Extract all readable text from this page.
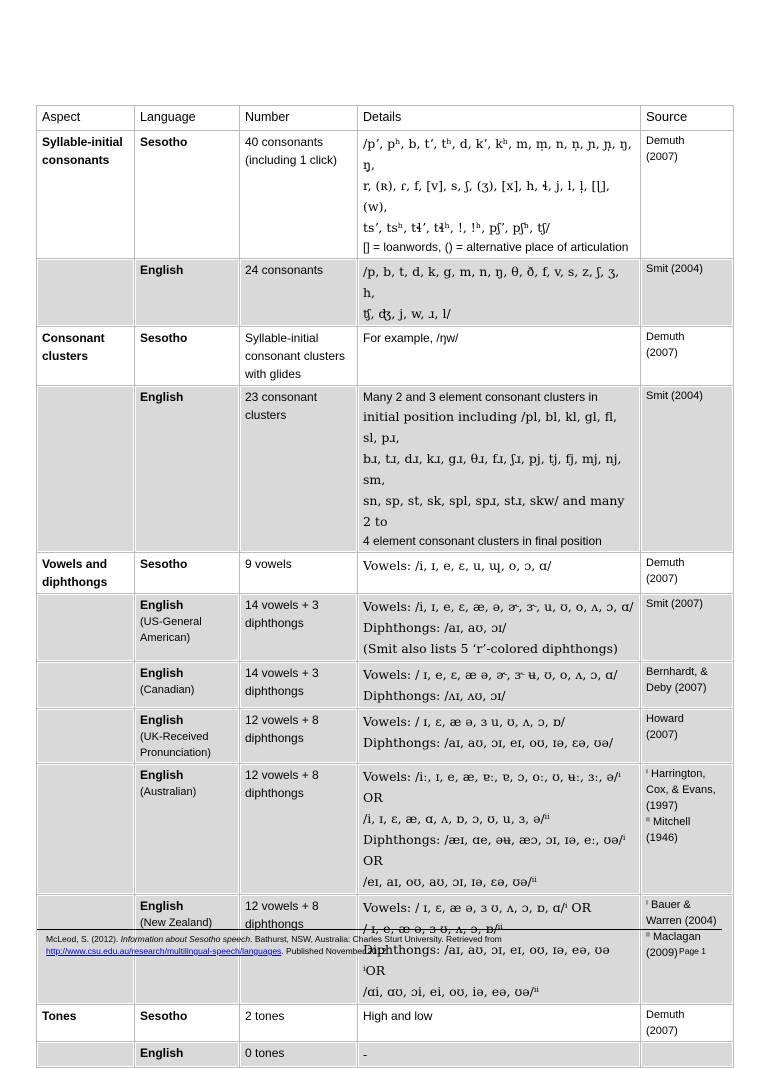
Aspect	Language	Number	Details	Source
Syllable-initial consonants	Sesotho	40 consonants (including 1 click)	/pʼ, pʰ, b, tʼ, tʰ, d, kʼ, kʰ, m, m̩, n, n̩, ɲ, ɲ̩, ŋ, ŋ̩,
r, (ʀ), ɾ, f, [v], s, ʃ, (ʒ), [x], h, ɬ, j, l, l̩, [ɭ], (w),
tsʼ, tsʰ, tɬʼ, tɬʰ, !, !ʰ, pʃʼ, pʃʰ, tʃ/
[] = loanwords, () = alternative place of articulation	Demuth
(2007)

	English	24 consonants	/p, b, t, d, k, g, m, n, ŋ, θ, ð, f, v, s, z, ʃ, ʒ, h,
ʧ, ʤ, j, w, ɹ, l/	Smit (2004)

Consonant clusters	Sesotho	Syllable-initial consonant clusters with glides	For example, /ŋw/	Demuth
(2007)

	English	23 consonant clusters	Many 2 and 3 element consonant clusters in
initial position including /pl, bl, kl, gl, fl, sl, pɹ,
bɹ, tɹ, dɹ, kɹ, gɹ, θɹ, fɹ, ʃɹ, pj, tj, fj, mj, nj, sm,
sn, sp, st, sk, spl, spɹ, stɹ, skw/ and many 2 to
4 element consonant clusters in final position	Smit (2004)

Vowels and diphthongs	Sesotho	9 vowels	Vowels: /i, ɪ, e, ɛ, u, ɰ, o, ɔ, ɑ/	Demuth
(2007)

	English
(US-General American)	14 vowels + 3 diphthongs	Vowels: /i, ɪ, e, ɛ, æ, ə, ɚ, ɝ, u, ʊ, o, ʌ, ɔ, ɑ/
Diphthongs: /aɪ, aʊ, ɔɪ/
(Smit also lists 5 ‘r’-colored diphthongs)	Smit (2007)

	English
(Canadian)	14 vowels + 3 diphthongs	Vowels: / ɪ, e, ɛ, æ ə, ɚ, ɝ ʉ, ʊ, o, ʌ, ɔ, ɑ/
Diphthongs: /ʌɪ, ʌʊ, ɔɪ/	Bernhardt, &
Deby (2007)

	English
(UK-Received Pronunciation)	12 vowels + 8 diphthongs	Vowels: / ɪ, ɛ, æ ə, ɜ u, ʊ, ʌ, ɔ, ɒ/
Diphthongs: /aɪ, aʊ, ɔɪ, eɪ, oʊ, ɪə, ɛə, ʊə/	Howard
(2007)

	English
(Australian)	12 vowels + 8 diphthongs	Vowels: /iː, ɪ, e, æ, ɐː, ɐ, ɔ, oː, ʊ, ʉː, ɜː, ə/ⁱ OR
/i, ɪ, ɛ, æ, ɑ, ʌ, ɒ, ɔ, ʊ, u, ɜ, ə/ⁱⁱ
Diphthongs: /æɪ, ɑe, əʉ, æɔ, ɔɪ, ɪə, eː, ʊə/ⁱ OR
/eɪ, aɪ, oʊ, aʊ, ɔɪ, ɪə, ɛə, ʊə/ⁱⁱ	ⁱ Harrington,
Cox, & Evans,
(1997)
ⁱⁱ Mitchell
(1946)

	English
(New Zealand)	12 vowels + 8 diphthongs	Vowels: / ɪ, ɛ, æ ə, ɜ ʊ, ʌ, ɔ, ɒ, ɑ/ⁱ OR
/ ɪ, e, æ ə, ɜ ʊ, ʌ, ɔ, ɒ/ⁱⁱ
Diphthongs: /aɪ, aʊ, ɔɪ, eɪ, oʊ, ɪə, eə, ʊə ⁱOR
/ɑi, ɑʊ, ɔi, ei, oʊ, iə, eə, ʊə/ⁱⁱ	ⁱ Bauer &
Warren (2004)
ⁱⁱ Maclagan
(2009)

Tones	Sesotho	2 tones	High and low	Demuth
(2007)

	English	0 tones	-	

McLeod, S. (2012). Information about Sesotho speech. Bathurst, NSW, Australia: Charles Sturt University. Retrieved from
http://www.csu.edu.au/research/multilingual-speech/languages. Published November 2012.	Page 1
